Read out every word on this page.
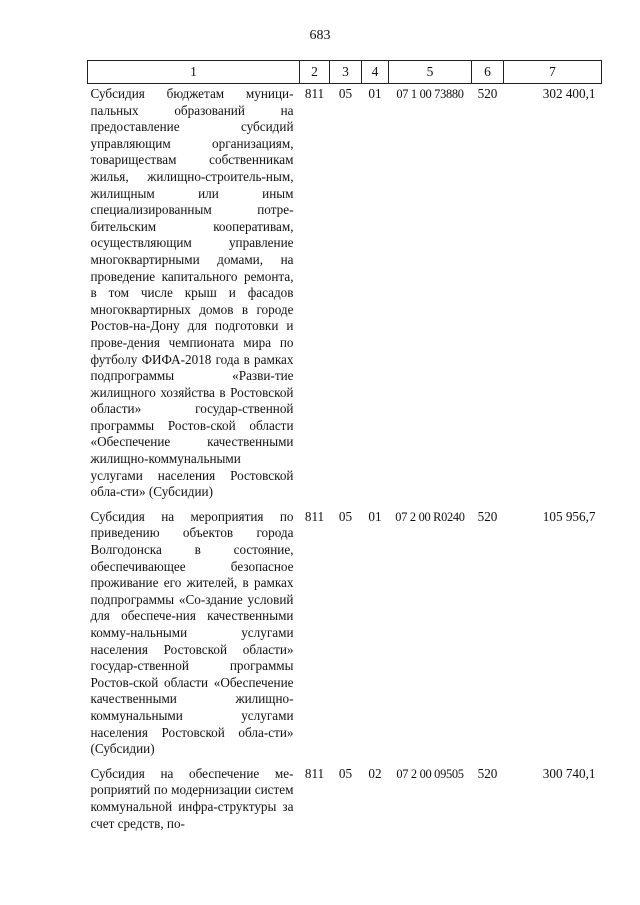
683
1	2	3	4	5	6	7
Субсидия бюджетам муници-пальных образований на предоставление субсидий управляющим организациям, товариществам собственникам жилья, жилищно-строитель-ным, жилищным или иным специализированным потре-бительским кооперативам, осуществляющим управление многоквартирными домами, на проведение капитального ремонта, в том числе крыш и фасадов многоквартирных домов в городе Ростов-на-Дону для подготовки и прове-дения чемпионата мира по футболу ФИФА-2018 года в рамках подпрограммы «Разви-тие жилищного хозяйства в Ростовской области» государ-ственной программы Ростов-ской области «Обеспечение качественными жилищно-коммунальными услугами населения Ростовской обла-сти» (Субсидии)	811	05	01	07 1 00 73880	520	302 400,1
Субсидия на мероприятия по приведению объектов города Волгодонска в состояние, обеспечивающее безопасное проживание его жителей, в рамках подпрограммы «Со-здание условий для обеспече-ния качественными комму-нальными услугами населения Ростовской области» государ-ственной программы Ростов-ской области «Обеспечение качественными жилищно-коммунальными услугами населения Ростовской обла-сти» (Субсидии)	811	05	01	07 2 00 R0240	520	105 956,7
Субсидия на обеспечение ме-роприятий по модернизации систем коммунальной инфра-структуры за счет средств, по-	811	05	02	07 2 00 09505	520	300 740,1
